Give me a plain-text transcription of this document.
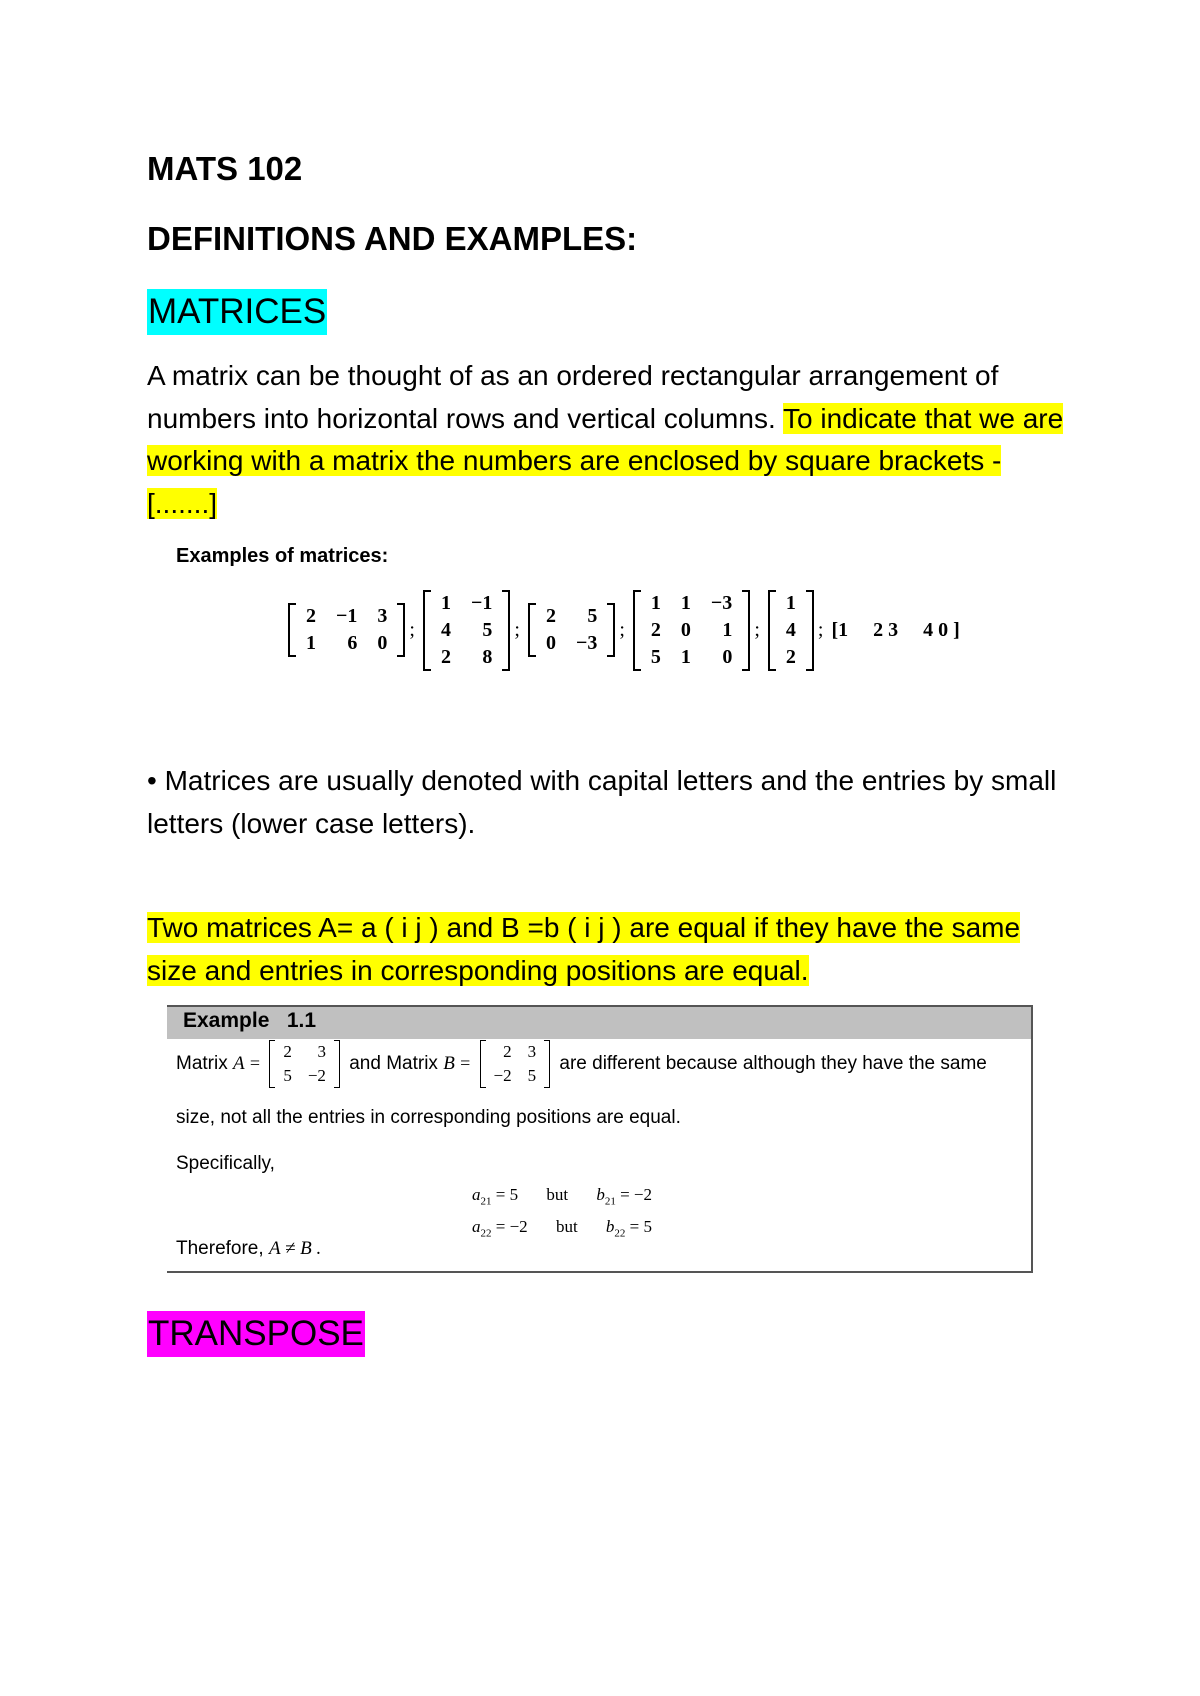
MATS 102
DEFINITIONS AND EXAMPLES:
MATRICES

A matrix can be thought of as an ordered rectangular arrangement of numbers into horizontal rows and vertical columns. To indicate that we are working with a matrix the numbers are enclosed by square brackets - [.......]

Examples of matrices:
2	−1	3
1	6	0
;
1	−1
4	5
2	8
;
2	5
0	−3
;
1	1	−3
2	0	1
5	1	0
;
1
4
2
; [1     2 3     4 0 ]

• Matrices are usually denoted with capital letters and the entries by small letters (lower case letters).

Two matrices A= a ( i j ) and B =b ( i j ) are equal if they have the same size and entries in corresponding positions are equal.

Example   1.1
Matrix A =
2	3
5	−2
and Matrix B =
2	3
−2	5
are different because although they have the same
size, not all the entries in corresponding positions are equal.
Specifically,
$a_{21} = 5$ but $b_{21} = -2$
$a_{22} = -2$ but $b_{22} = 5$
Therefore, A ≠ B .
TRANSPOSE
